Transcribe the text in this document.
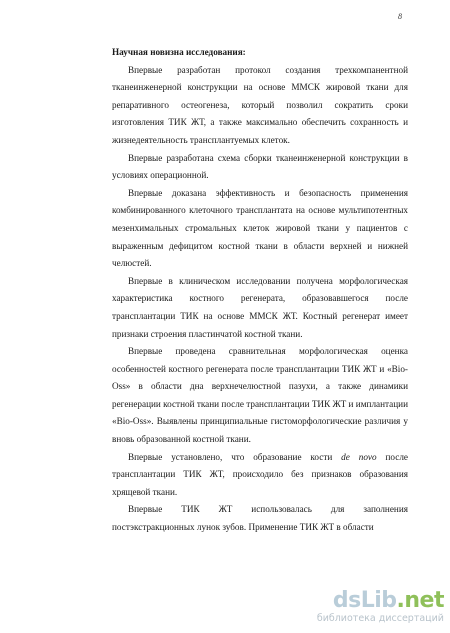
8

Научная новизна исследования:

Впервые разработан протокол создания трехкомпанентной тканеинженерной конструкции на основе ММСК жировой ткани для репаративного остеогенеза, который позволил сократить сроки изготовления ТИК ЖТ, а также максимально обеспечить сохранность и жизнедеятельность трансплантуемых клеток.

Впервые разработана схема сборки тканеинженерной конструкции в условиях операционной.

Впервые доказана эффективность и безопасность применения комбинированного клеточного трансплантата на основе мультипотентных мезенхимальных стромальных клеток жировой ткани у пациентов с выраженным дефицитом костной ткани в области верхней и нижней челюстей.

Впервые в клиническом исследовании получена морфологическая характеристика костного регенерата, образовавшегося после трансплантации ТИК на основе ММСК ЖТ. Костный регенерат имеет признаки строения пластинчатой костной ткани.

Впервые проведена сравнительная морфологическая оценка особенностей костного регенерата после трансплантации ТИК ЖТ и «Bio-Oss» в области дна верхнечелюстной пазухи, а также динамики регенерации костной ткани после трансплантации ТИК ЖТ и имплантации «Bio-Oss». Выявлены принципиальные гистоморфологические различия у вновь образованной костной ткани.

Впервые установлено, что образование кости de novo после трансплантации ТИК ЖТ, происходило без признаков образования хрящевой ткани.

Впервые ТИК ЖТ использовалась для заполнения постэкстракционных лунок зубов. Применение ТИК ЖТ в области

dsLib.net
библиотека диссертаций
